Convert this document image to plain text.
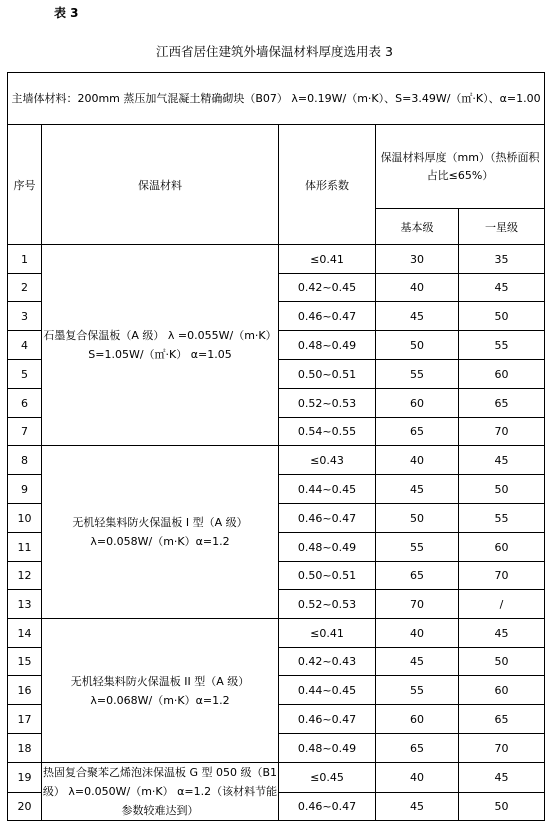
表 3
江西省居住建筑外墙保温材料厚度选用表 3
主墙体材料：200mm 蒸压加气混凝土精确砌块（B07） λ=0.19W/（m·K）、S=3.49W/（㎡·K）、α=1.00				
序号	保温材料	体形系数	保温材料厚度（mm）（热桥面积占比≤65%）	
			基本级	一星级
1	石墨复合保温板（A 级） λ =0.055W/（m·K）S=1.05W/（㎡·K） α=1.05	≤0.41	30	35
2		0.42~0.45	40	45
3		0.46~0.47	45	50
4		0.48~0.49	50	55
5		0.50~0.51	55	60
6		0.52~0.53	60	65
7		0.54~0.55	65	70
8	无机轻集料防火保温板 I 型（A 级） λ=0.058W/（m·K）α=1.2	≤0.43	40	45
9		0.44~0.45	45	50
10		0.46~0.47	50	55
11		0.48~0.49	55	60
12		0.50~0.51	65	70
13		0.52~0.53	70	/
14	无机轻集料防火保温板 II 型（A 级） λ=0.068W/（m·K）α=1.2	≤0.41	40	45
15		0.42~0.43	45	50
16		0.44~0.45	55	60
17		0.46~0.47	60	65
18		0.48~0.49	65	70
19	热固复合聚苯乙烯泡沫保温板 G 型 050 级（B1 级） λ=0.050W/（m·K） α=1.2（该材料节能参数较难达到）	≤0.45	40	45
20		0.46~0.47	45	50
